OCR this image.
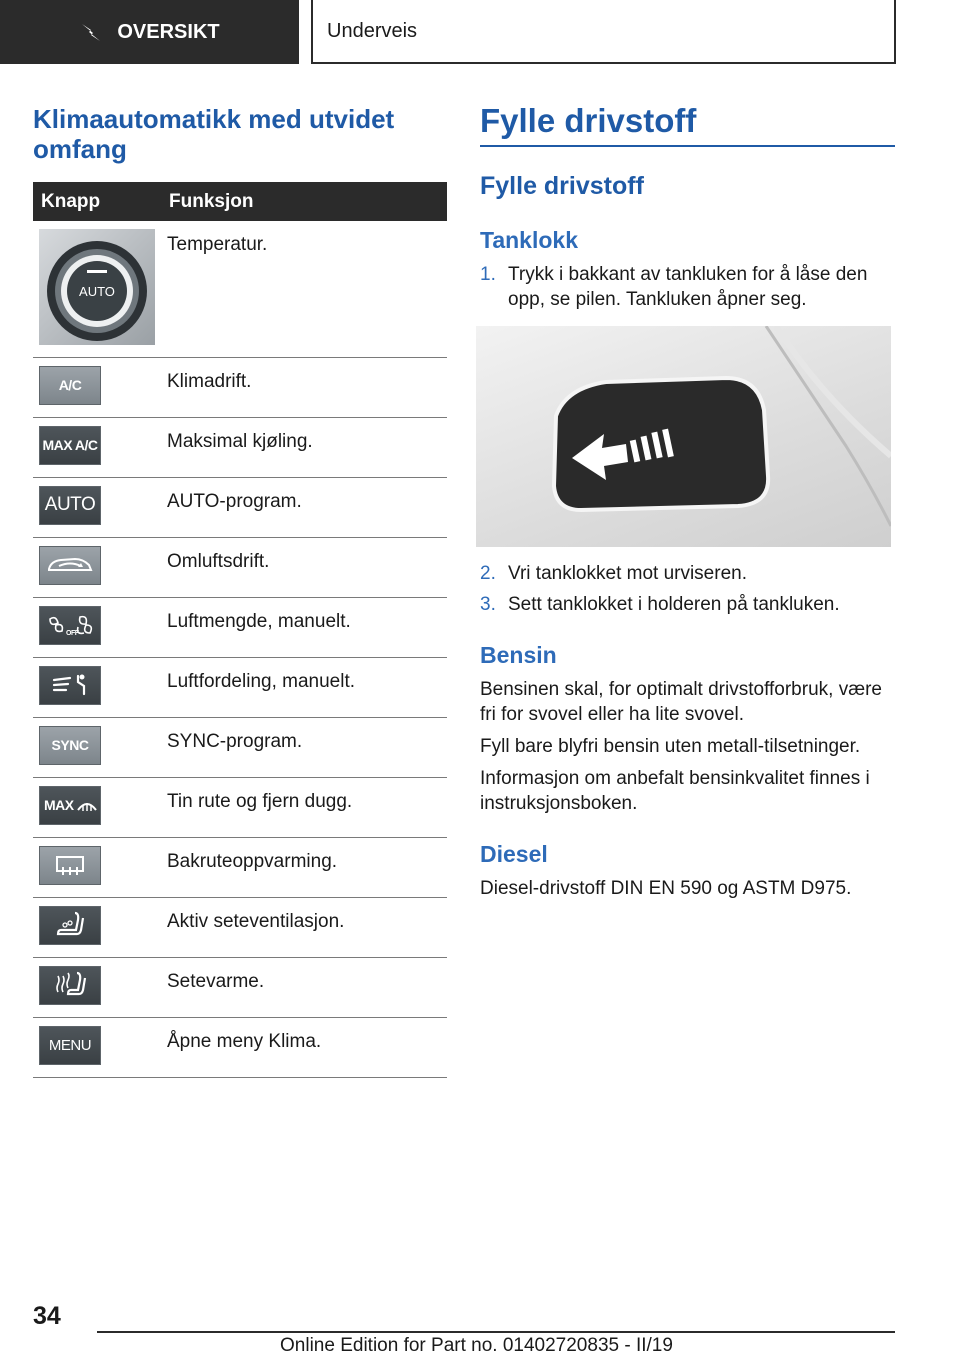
OVERSIKT	Underveis
Klimaautomatikk med utvidet omfang
Knapp	Funksjon

AUTO	Temperatur.

A/C	Klimadrift.

MAX A/C	Maksimal kjøling.

AUTO	AUTO-program.

	Omluftsdrift.

OFF	Luftmengde, manuelt.

	Luftfordeling, manuelt.

SYNC	SYNC-program.

MAX	Tin rute og fjern dugg.

	Bakruteoppvarming.

	Aktiv seteventilasjon.

	Setevarme.

MENU	Åpne meny Klima.
Fylle drivstoff
Fylle drivstoff
Tanklokk
1. Trykk i bakkant av tankluken for å låse den opp, se pilen. Tankluken åpner seg.
2. Vri tanklokket mot urviseren.
3. Sett tanklokket i holderen på tankluken.
Bensin
Bensinen skal, for optimalt drivstofforbruk, være fri for svovel eller ha lite svovel.
Fyll bare blyfri bensin uten metall-tilsetninger.
Informasjon om anbefalt bensinkvalitet finnes i instruksjonsboken.
Diesel
Diesel-drivstoff DIN EN 590 og ASTM D975.
34
Online Edition for Part no. 01402720835 - II/19
